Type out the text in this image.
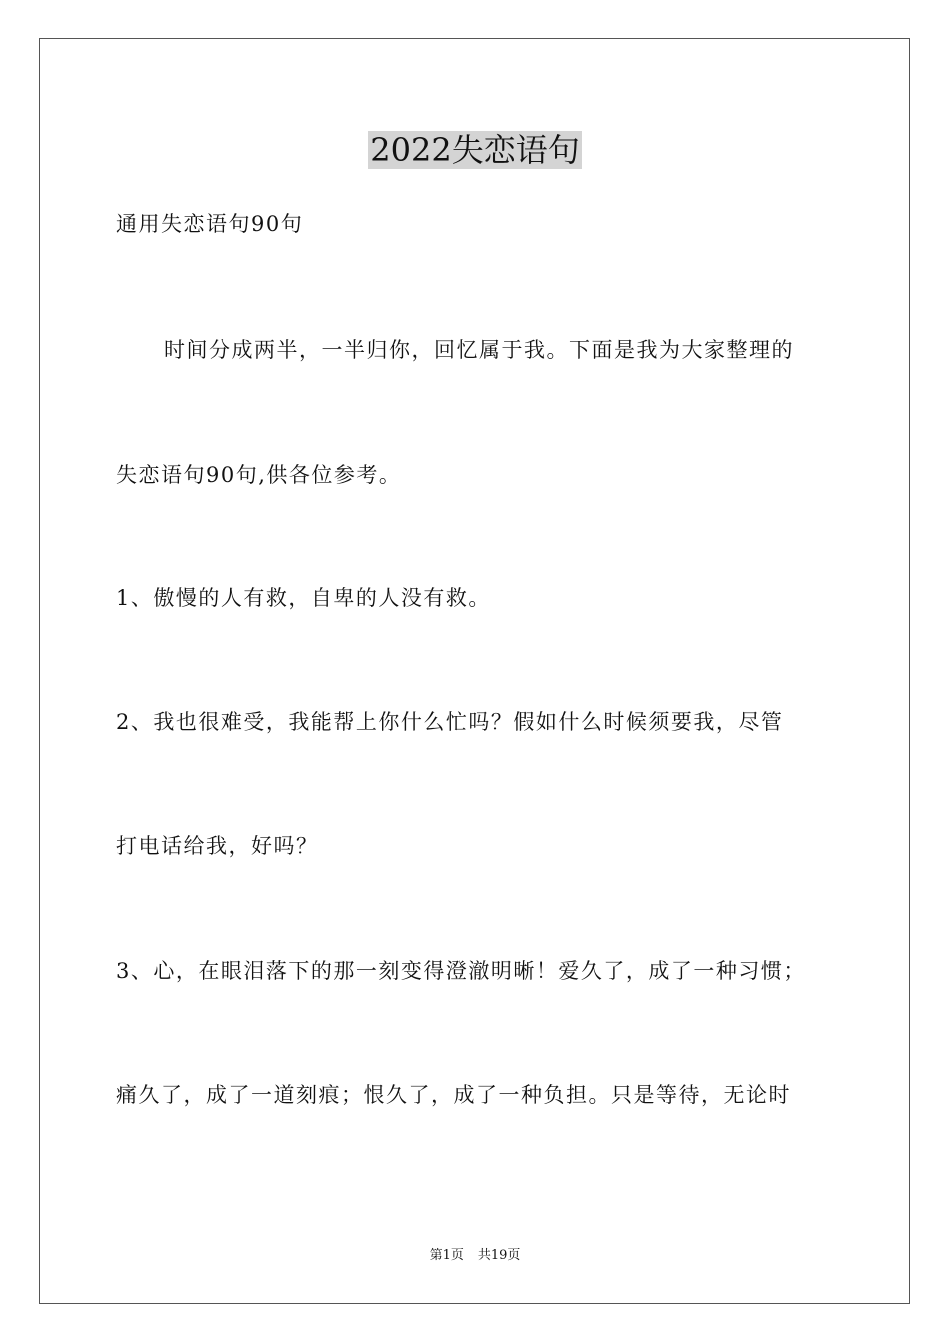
2022失恋语句
通用失恋语句90句
时间分成两半，一半归你，回忆属于我。下面是我为大家整理的
失恋语句90句,供各位参考。
1、傲慢的人有救，自卑的人没有救。
2、我也很难受，我能帮上你什么忙吗？假如什么时候须要我，尽管
打电话给我，好吗？
3、心，在眼泪落下的那一刻变得澄澈明晰！爱久了，成了一种习惯；
痛久了，成了一道刻痕；恨久了，成了一种负担。只是等待，无论时
第1页 共19页
